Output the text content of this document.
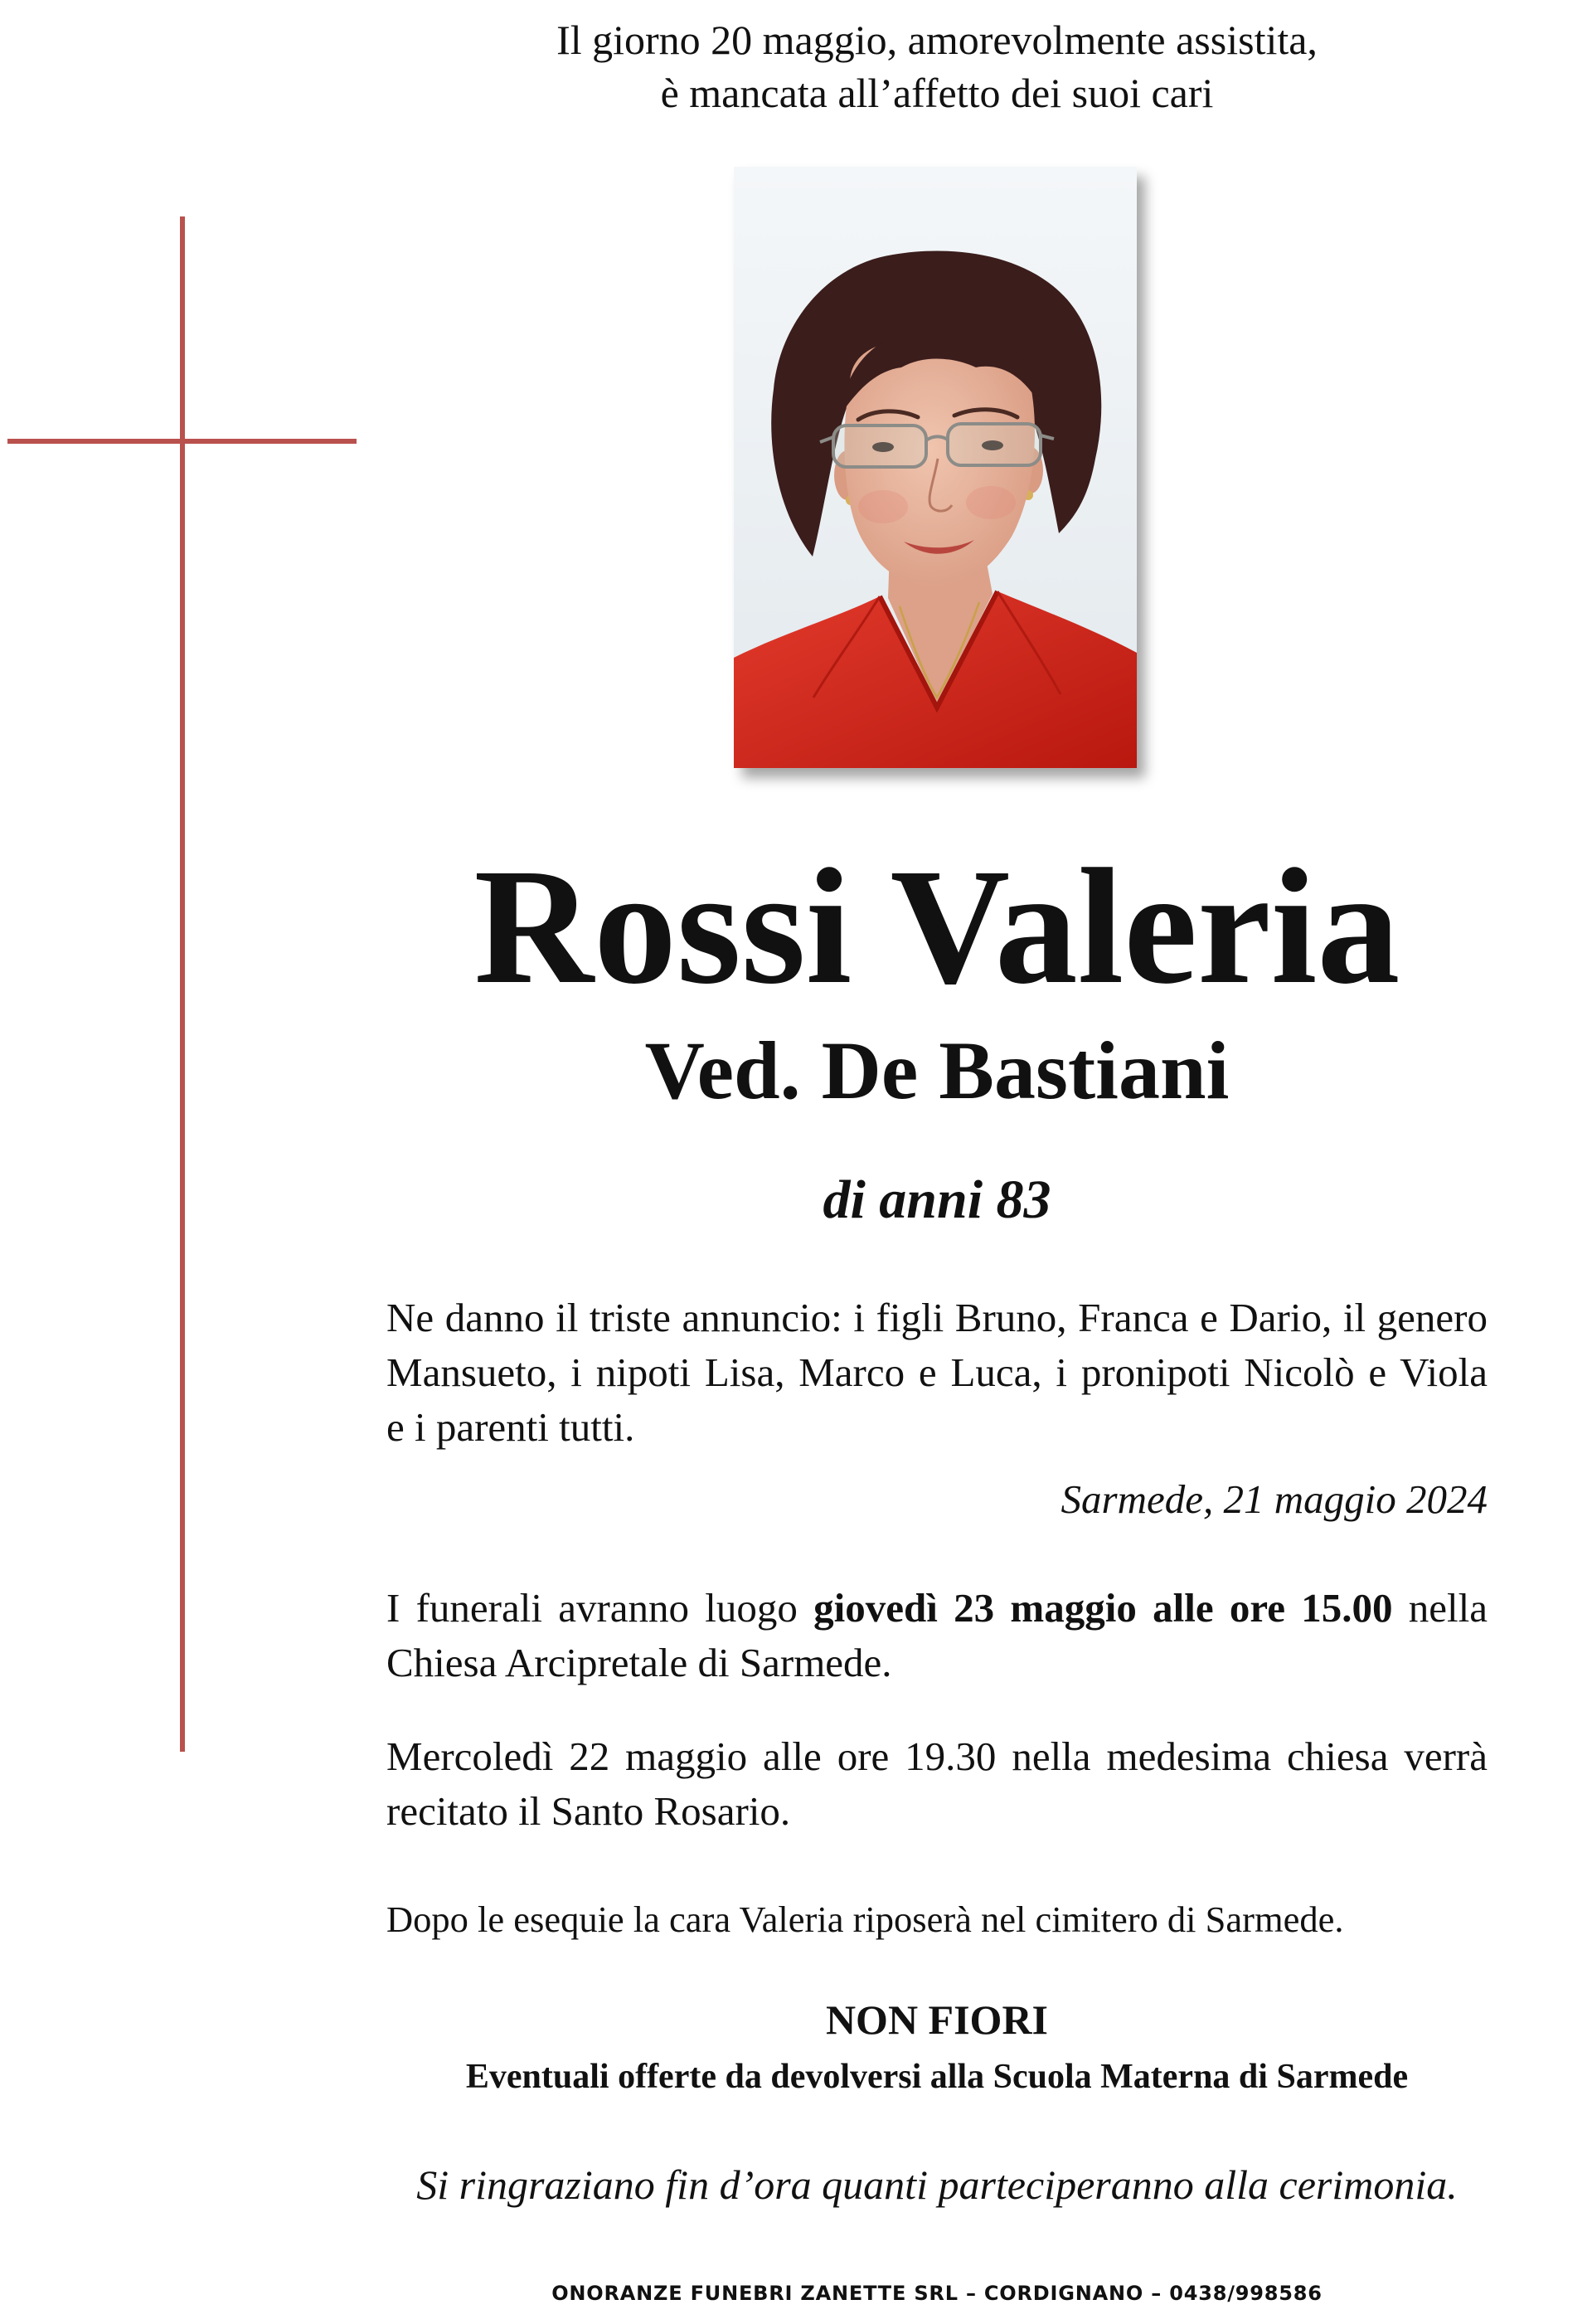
Il giorno 20 maggio, amorevolmente assistita,
è mancata all’affetto dei suoi cari
Rossi Valeria
Ved. De Bastiani
di anni 83
Ne danno il triste annuncio: i figli Bruno, Franca e Dario, il genero
Mansueto, i nipoti Lisa, Marco e Luca, i pronipoti Nicolò e Viola
e i parenti tutti.
Sarmede, 21 maggio 2024
I funerali avranno luogo giovedì 23 maggio alle ore 15.00 nella
Chiesa Arcipretale di Sarmede.
Mercoledì 22 maggio alle ore 19.30 nella medesima chiesa verrà
recitato il Santo Rosario.
Dopo le esequie la cara Valeria riposerà nel cimitero di Sarmede.
NON FIORI
Eventuali offerte da devolversi alla Scuola Materna di Sarmede
Si ringraziano fin d’ora quanti parteciperanno alla cerimonia.
ONORANZE FUNEBRI ZANETTE SRL – CORDIGNANO – 0438/998586
